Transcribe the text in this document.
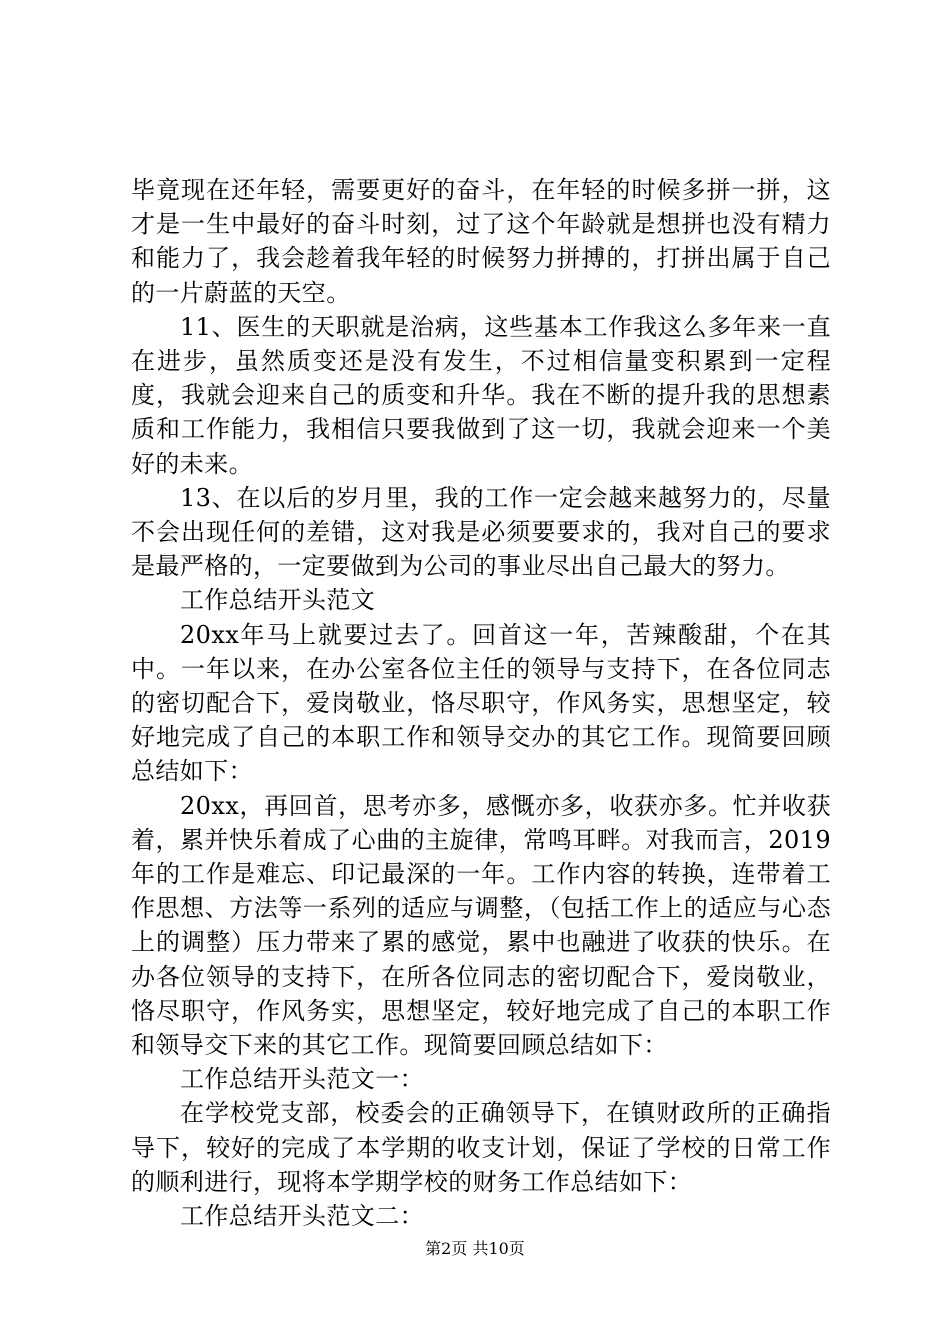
毕竟现在还年轻，需要更好的奋斗，在年轻的时候多拼一拼，这才是一生中最好的奋斗时刻，过了这个年龄就是想拼也没有精力和能力了，我会趁着我年轻的时候努力拼搏的，打拼出属于自己的一片蔚蓝的天空。

11、医生的天职就是治病，这些基本工作我这么多年来一直在进步，虽然质变还是没有发生，不过相信量变积累到一定程度，我就会迎来自己的质变和升华。我在不断的提升我的思想素质和工作能力，我相信只要我做到了这一切，我就会迎来一个美好的未来。

13、在以后的岁月里，我的工作一定会越来越努力的，尽量不会出现任何的差错，这对我是必须要要求的，我对自己的要求是最严格的，一定要做到为公司的事业尽出自己最大的努力。

工作总结开头范文

20xx年马上就要过去了。回首这一年，苦辣酸甜，个在其中。一年以来，在办公室各位主任的领导与支持下，在各位同志的密切配合下，爱岗敬业，恪尽职守，作风务实，思想坚定，较好地完成了自己的本职工作和领导交办的其它工作。现简要回顾总结如下：

20xx，再回首，思考亦多，感慨亦多，收获亦多。忙并收获着，累并快乐着成了心曲的主旋律，常鸣耳畔。对我而言，2019年的工作是难忘、印记最深的一年。工作内容的转换，连带着工作思想、方法等一系列的适应与调整，（包括工作上的适应与心态上的调整）压力带来了累的感觉，累中也融进了收获的快乐。在办各位领导的支持下，在所各位同志的密切配合下，爱岗敬业，恪尽职守，作风务实，思想坚定，较好地完成了自己的本职工作和领导交下来的其它工作。现简要回顾总结如下：

工作总结开头范文一：

在学校党支部，校委会的正确领导下，在镇财政所的正确指导下，较好的完成了本学期的收支计划，保证了学校的日常工作的顺利进行，现将本学期学校的财务工作总结如下：

工作总结开头范文二：

第2页 共10页
